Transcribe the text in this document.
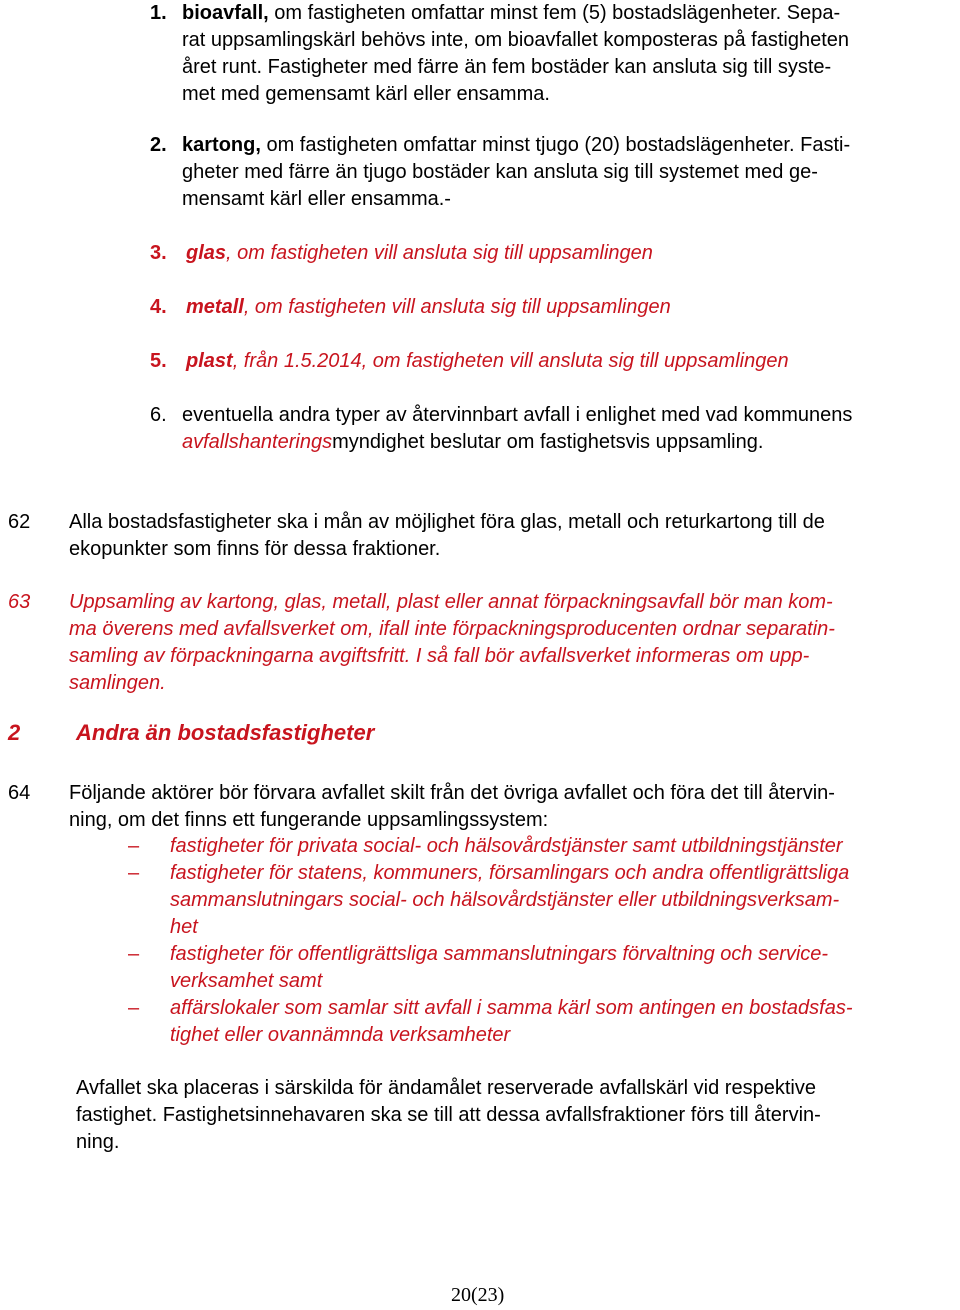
1. bioavfall, om fastigheten omfattar minst fem (5) bostadslägenheter. Sepa-
rat uppsamlingskärl behövs inte, om bioavfallet komposteras på fastigheten
året runt. Fastigheter med färre än fem bostäder kan ansluta sig till syste-
met med gemensamt kärl eller ensamma.
2. kartong, om fastigheten omfattar minst tjugo (20) bostadslägenheter. Fasti-
gheter med färre än tjugo bostäder kan ansluta sig till systemet med ge-
mensamt kärl eller ensamma.-
3. glas, om fastigheten vill ansluta sig till uppsamlingen
4. metall, om fastigheten vill ansluta sig till uppsamlingen
5. plast, från 1.5.2014, om fastigheten vill ansluta sig till uppsamlingen
6. eventuella andra typer av återvinnbart avfall i enlighet med vad kommunens
avfallshanteringsmyndighet beslutar om fastighetsvis uppsamling.
62 Alla bostadsfastigheter ska i mån av möjlighet föra glas, metall och returkartong till de
ekopunkter som finns för dessa fraktioner.
63 Uppsamling av kartong, glas, metall, plast eller annat förpackningsavfall bör man kom-
ma överens med avfallsverket om, ifall inte förpackningsproducenten ordnar separatin-
samling av förpackningarna avgiftsfritt. I så fall bör avfallsverket informeras om upp-
samlingen.
2	Andra än bostadsfastigheter
64 Följande aktörer bör förvara avfallet skilt från det övriga avfallet och föra det till återvin-
ning, om det finns ett fungerande uppsamlingssystem:
– fastigheter för privata social- och hälsovårdstjänster samt utbildningstjänster
– fastigheter för statens, kommuners, församlingars och andra offentligrättsliga
sammanslutningars social- och hälsovårdstjänster eller utbildningsverksam-
het
– fastigheter för offentligrättsliga sammanslutningars förvaltning och service-
verksamhet samt
– affärslokaler som samlar sitt avfall i samma kärl som antingen en bostadsfas-
tighet eller ovannämnda verksamheter
Avfallet ska placeras i särskilda för ändamålet reserverade avfallskärl vid respektive
fastighet. Fastighetsinnehavaren ska se till att dessa avfallsfraktioner förs till återvin-
ning.
20(23)
